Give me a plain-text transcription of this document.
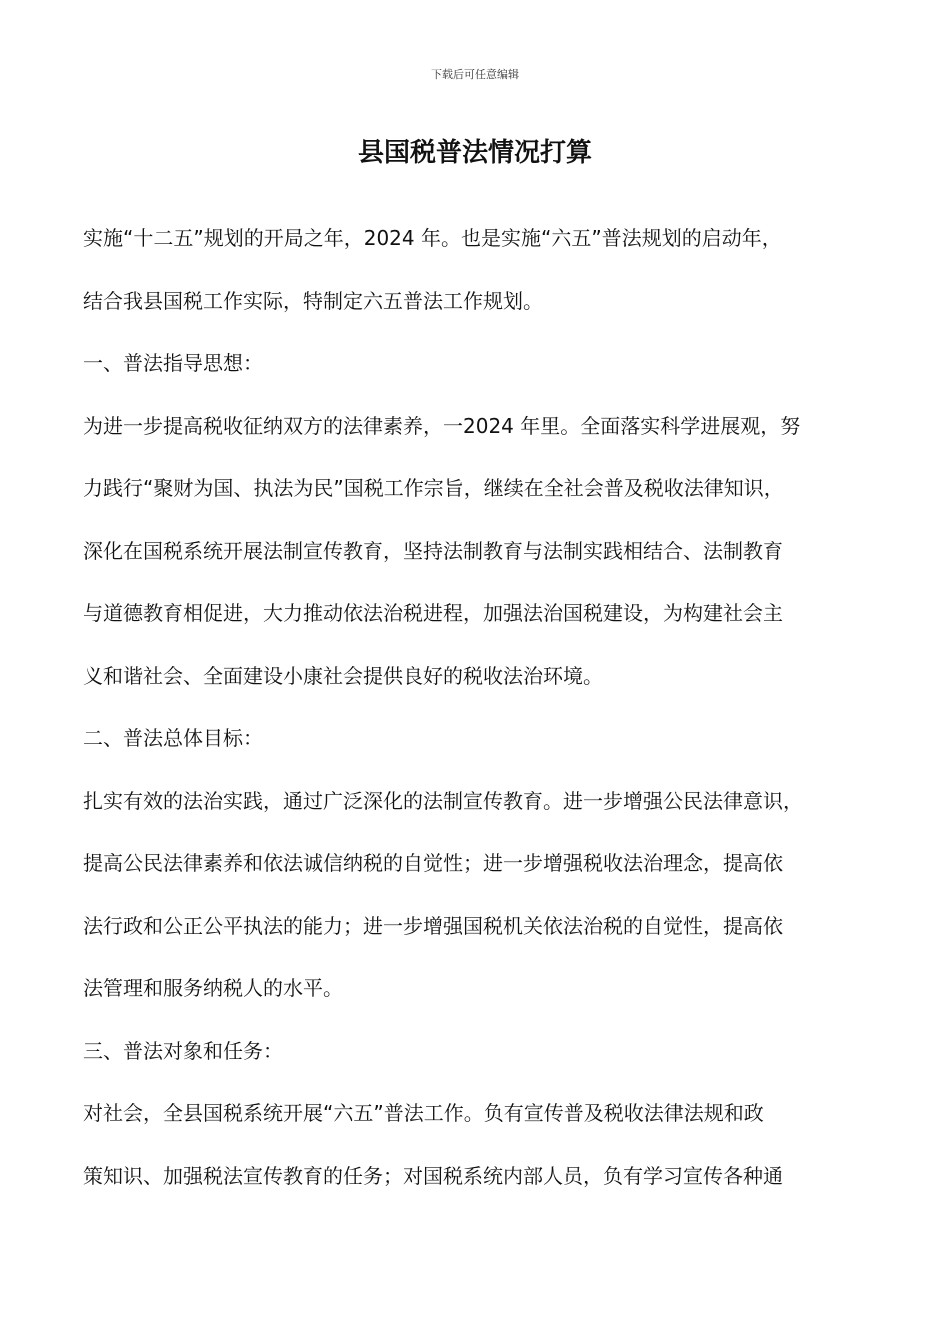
下载后可任意编辑
县国税普法情况打算
实施“十二五”规划的开局之年，2024 年。也是实施“六五”普法规划的启动年，
结合我县国税工作实际，特制定六五普法工作规划。
一、普法指导思想：
为进一步提高税收征纳双方的法律素养，一2024 年里。全面落实科学进展观，努
力践行“聚财为国、执法为民”国税工作宗旨，继续在全社会普及税收法律知识，
深化在国税系统开展法制宣传教育，坚持法制教育与法制实践相结合、法制教育
与道德教育相促进，大力推动依法治税进程，加强法治国税建设，为构建社会主
义和谐社会、全面建设小康社会提供良好的税收法治环境。
二、普法总体目标：
扎实有效的法治实践，通过广泛深化的法制宣传教育。进一步增强公民法律意识，
提高公民法律素养和依法诚信纳税的自觉性；进一步增强税收法治理念，提高依
法行政和公正公平执法的能力；进一步增强国税机关依法治税的自觉性，提高依
法管理和服务纳税人的水平。
三、普法对象和任务：
对社会，全县国税系统开展“六五”普法工作。负有宣传普及税收法律法规和政
策知识、加强税法宣传教育的任务；对国税系统内部人员，负有学习宣传各种通
